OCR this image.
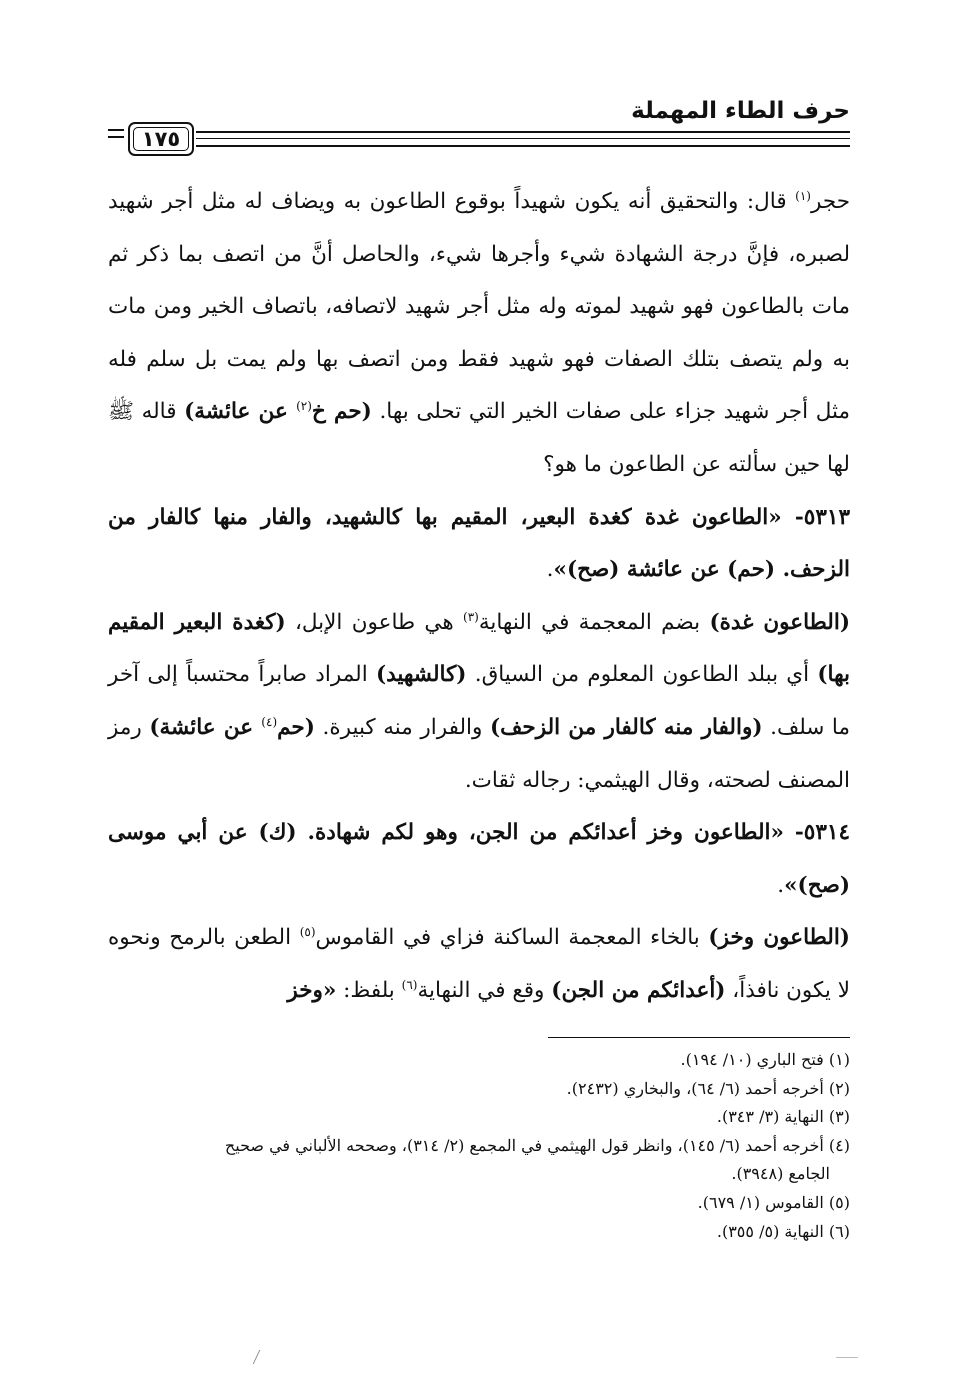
حرف الطاء المهملة
١٧٥

حجر$^{(١)}$ قال: والتحقيق أنه يكون شهيداً بوقوع الطاعون به ويضاف له مثل أجر شهيد لصبره، فإنَّ درجة الشهادة شيء وأجرها شيء، والحاصل أنَّ من اتصف بما ذكر ثم مات بالطاعون فهو شهيد لموته وله مثل أجر شهيد لاتصافه، باتصاف الخير ومن مات به ولم يتصف بتلك الصفات فهو شهيد فقط ومن اتصف بها ولم يمت بل سلم فله مثل أجر شهيد جزاء على صفات الخير التي تحلى بها. (حم خ$^{(٢)}$ عن عائشة) قاله ﷺ لها حين سألته عن الطاعون ما هو؟

٥٣١٣- «الطاعون غدة كغدة البعير، المقيم بها كالشهيد، والفار منها كالفار من الزحف. (حم) عن عائشة (صح)».

(الطاعون غدة) بضم المعجمة في النهاية$^{(٣)}$ هي طاعون الإبل، (كغدة البعير المقيم بها) أي ببلد الطاعون المعلوم من السياق. (كالشهيد) المراد صابراً محتسباً إلى آخر ما سلف. (والفار منه كالفار من الزحف) والفرار منه كبيرة. (حم$^{(٤)}$ عن عائشة) رمز المصنف لصحته، وقال الهيثمي: رجاله ثقات.

٥٣١٤- «الطاعون وخز أعدائكم من الجن، وهو لكم شهادة. (ك) عن أبي موسى (صح)».

(الطاعون وخز) بالخاء المعجمة الساكنة فزاي في القاموس$^{(٥)}$ الطعن بالرمح ونحوه لا يكون نافذاً، (أعدائكم من الجن) وقع في النهاية$^{(٦)}$ بلفظ: «وخز

(١) فتح الباري (١٠/ ١٩٤).
(٢) أخرجه أحمد (٦/ ٦٤)، والبخاري (٢٤٣٢).
(٣) النهاية (٣/ ٣٤٣).
(٤) أخرجه أحمد (٦/ ١٤٥)، وانظر قول الهيثمي في المجمع (٢/ ٣١٤)، وصححه الألباني في صحيح
الجامع (٣٩٤٨).
(٥) القاموس (١/ ٦٧٩).
(٦) النهاية (٥/ ٣٥٥).
